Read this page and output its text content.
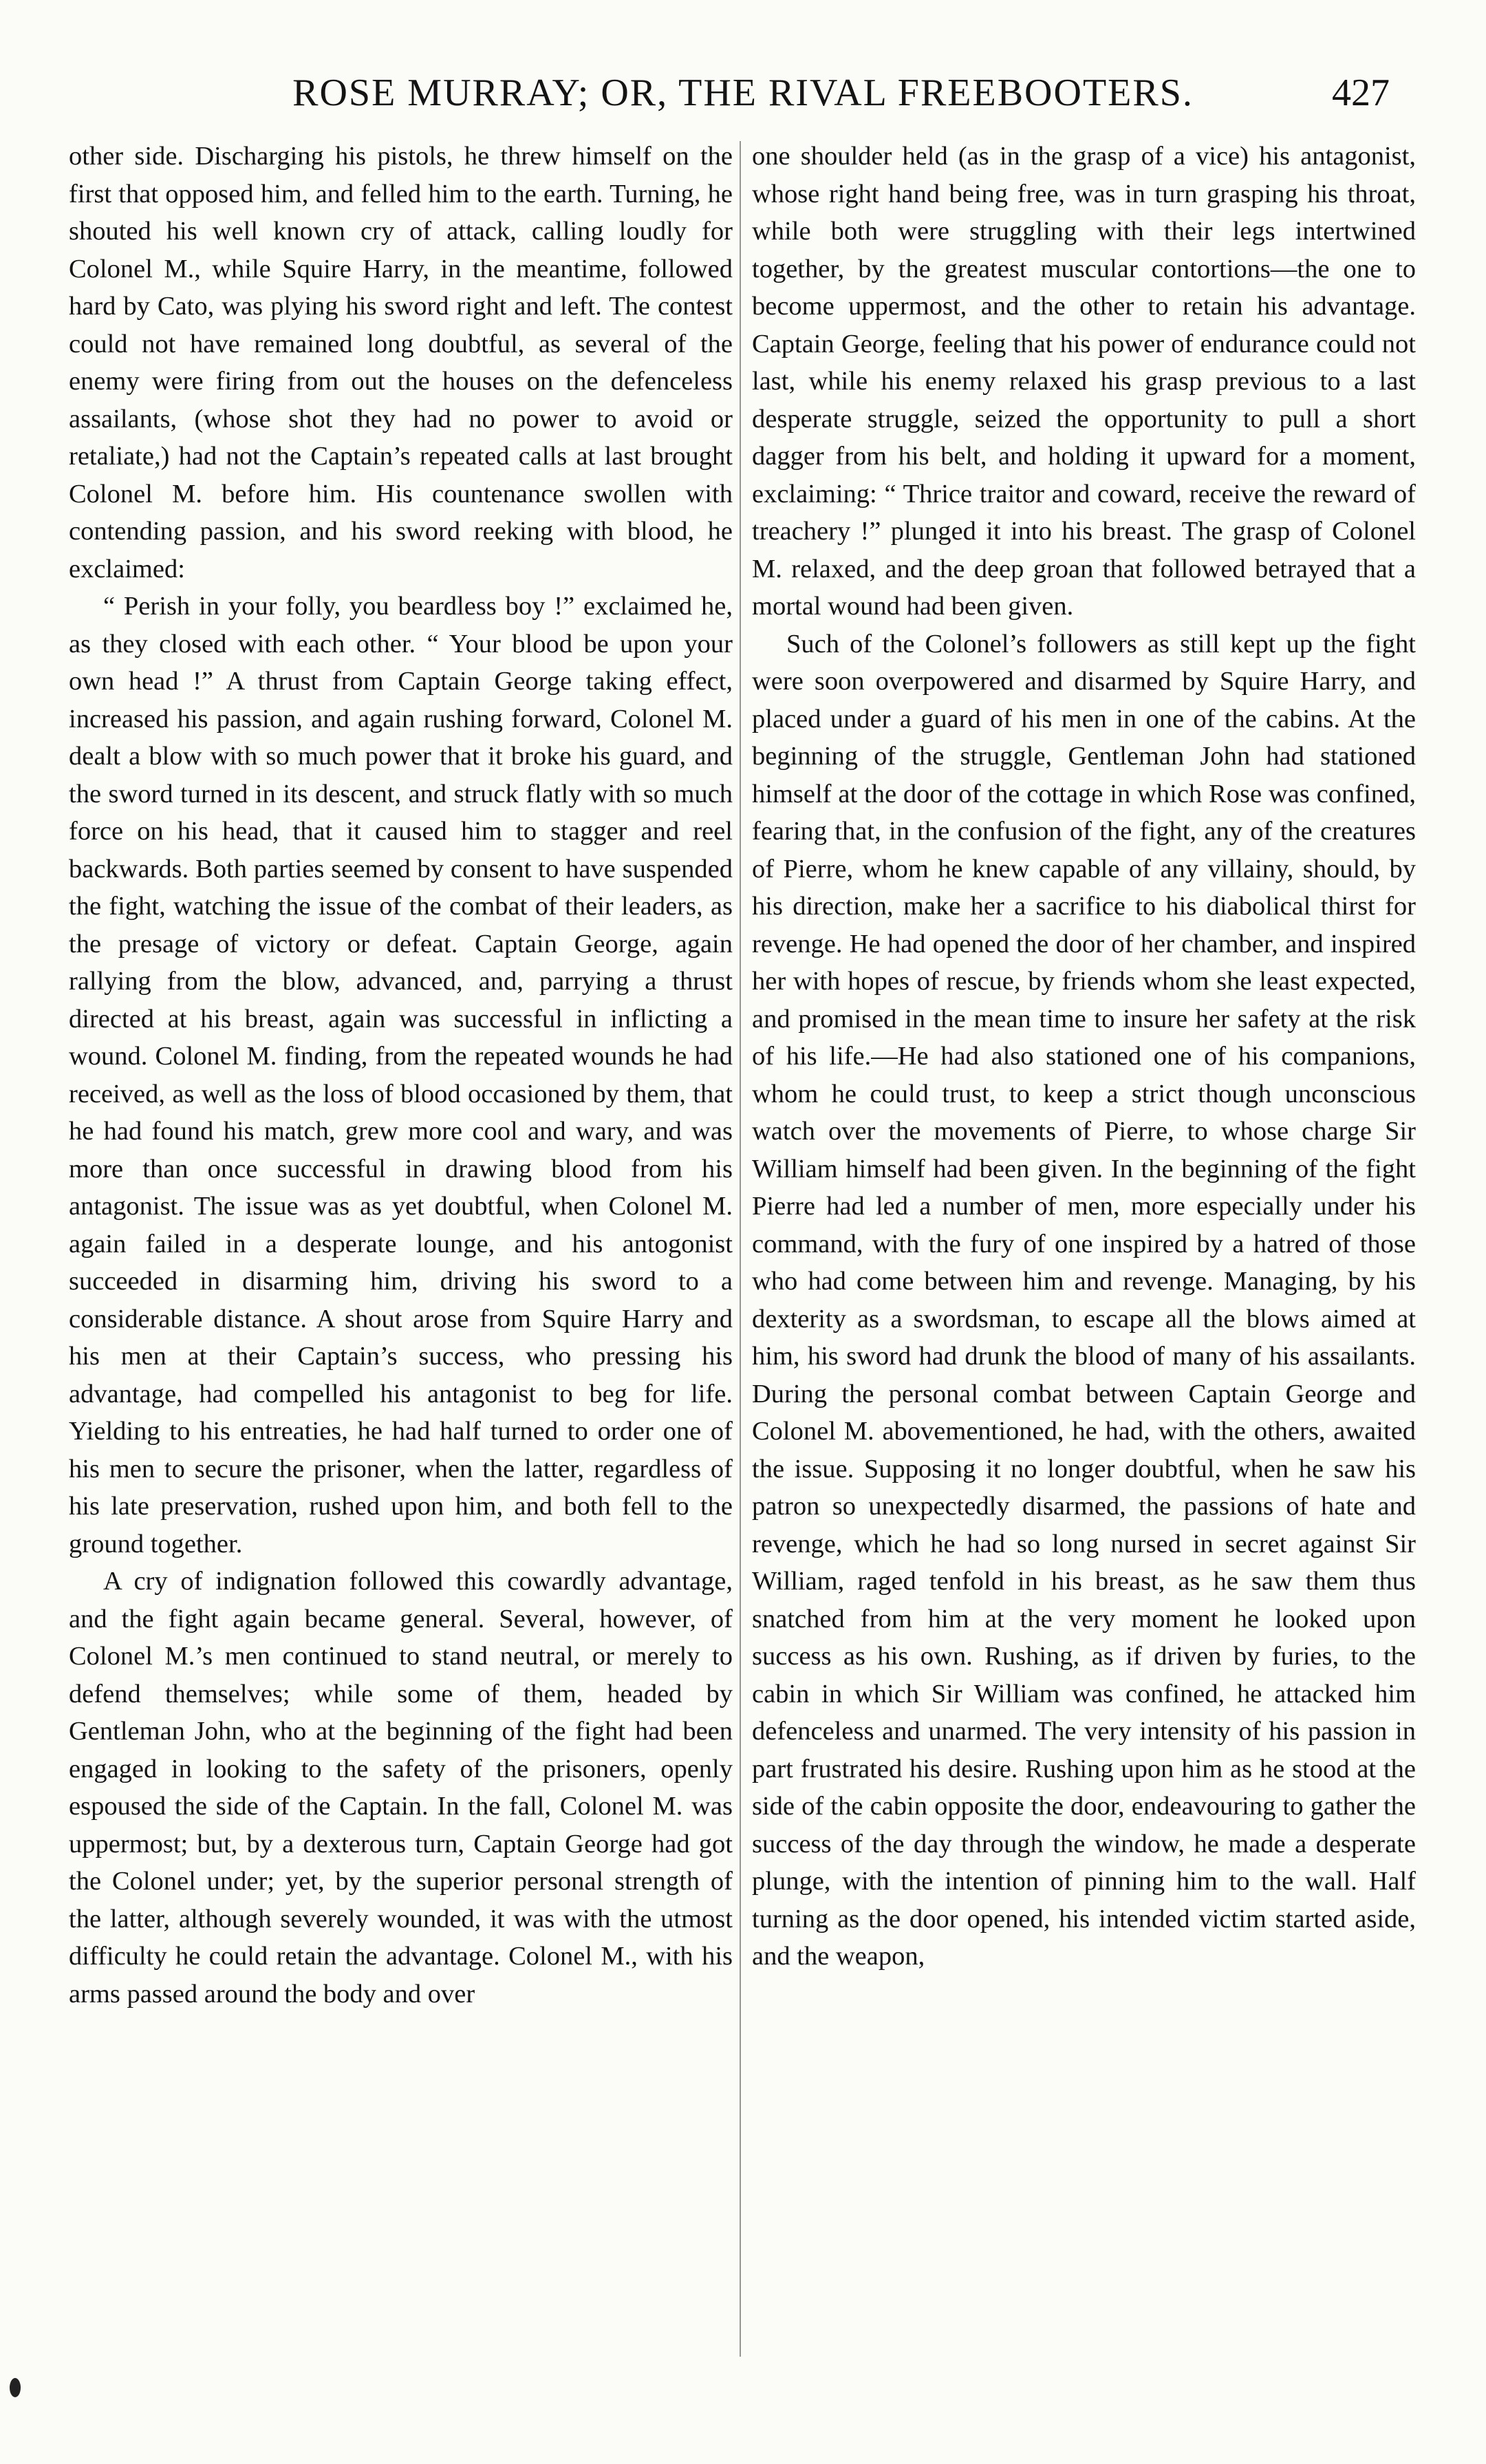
ROSE MURRAY; OR, THE RIVAL FREEBOOTERS.	427

other side. Discharging his pistols, he threw himself on the first that opposed him, and felled him to the earth. Turning, he shouted his well known cry of attack, calling loudly for Colonel M., while Squire Harry, in the meantime, followed hard by Cato, was plying his sword right and left. The contest could not have remained long doubtful, as several of the enemy were firing from out the houses on the defenceless assailants, (whose shot they had no power to avoid or retaliate,) had not the Captain’s repeated calls at last brought Colonel M. before him. His countenance swollen with contending passion, and his sword reeking with blood, he exclaimed:

“ Perish in your folly, you beardless boy !” exclaimed he, as they closed with each other. “ Your blood be upon your own head !” A thrust from Captain George taking effect, increased his passion, and again rushing forward, Colonel M. dealt a blow with so much power that it broke his guard, and the sword turned in its descent, and struck flatly with so much force on his head, that it caused him to stagger and reel backwards. Both parties seemed by consent to have suspended the fight, watching the issue of the combat of their leaders, as the presage of victory or defeat. Captain George, again rallying from the blow, advanced, and, parrying a thrust directed at his breast, again was successful in inflicting a wound. Colonel M. finding, from the repeated wounds he had received, as well as the loss of blood occasioned by them, that he had found his match, grew more cool and wary, and was more than once successful in drawing blood from his antagonist. The issue was as yet doubtful, when Colonel M. again failed in a desperate lounge, and his antogonist succeeded in disarming him, driving his sword to a considerable distance. A shout arose from Squire Harry and his men at their Captain’s success, who pressing his advantage, had compelled his antagonist to beg for life. Yielding to his entreaties, he had half turned to order one of his men to secure the prisoner, when the latter, regardless of his late preservation, rushed upon him, and both fell to the ground together.

A cry of indignation followed this cowardly advantage, and the fight again became general. Several, however, of Colonel M.’s men continued to stand neutral, or merely to defend themselves; while some of them, headed by Gentleman John, who at the beginning of the fight had been engaged in looking to the safety of the prisoners, openly espoused the side of the Captain. In the fall, Colonel M. was uppermost; but, by a dexterous turn, Captain George had got the Colonel under; yet, by the superior personal strength of the latter, although severely wounded, it was with the utmost difficulty he could retain the advantage. Colonel M., with his arms passed around the body and over

one shoulder held (as in the grasp of a vice) his antagonist, whose right hand being free, was in turn grasping his throat, while both were struggling with their legs intertwined together, by the greatest muscular contortions—the one to become uppermost, and the other to retain his advantage. Captain George, feeling that his power of endurance could not last, while his enemy relaxed his grasp previous to a last desperate struggle, seized the opportunity to pull a short dagger from his belt, and holding it upward for a moment, exclaiming: “ Thrice traitor and coward, receive the reward of treachery !” plunged it into his breast. The grasp of Colonel M. relaxed, and the deep groan that followed betrayed that a mortal wound had been given.

Such of the Colonel’s followers as still kept up the fight were soon overpowered and disarmed by Squire Harry, and placed under a guard of his men in one of the cabins. At the beginning of the struggle, Gentleman John had stationed himself at the door of the cottage in which Rose was confined, fearing that, in the confusion of the fight, any of the creatures of Pierre, whom he knew capable of any villainy, should, by his direction, make her a sacrifice to his diabolical thirst for revenge. He had opened the door of her chamber, and inspired her with hopes of rescue, by friends whom she least expected, and promised in the mean time to insure her safety at the risk of his life.—He had also stationed one of his companions, whom he could trust, to keep a strict though unconscious watch over the movements of Pierre, to whose charge Sir William himself had been given. In the beginning of the fight Pierre had led a number of men, more especially under his command, with the fury of one inspired by a hatred of those who had come between him and revenge. Managing, by his dexterity as a swordsman, to escape all the blows aimed at him, his sword had drunk the blood of many of his assailants. During the personal combat between Captain George and Colonel M. abovementioned, he had, with the others, awaited the issue. Supposing it no longer doubtful, when he saw his patron so unexpectedly disarmed, the passions of hate and revenge, which he had so long nursed in secret against Sir William, raged tenfold in his breast, as he saw them thus snatched from him at the very moment he looked upon success as his own. Rushing, as if driven by furies, to the cabin in which Sir William was confined, he attacked him defenceless and unarmed. The very intensity of his passion in part frustrated his desire. Rushing upon him as he stood at the side of the cabin opposite the door, endeavouring to gather the success of the day through the window, he made a desperate plunge, with the intention of pinning him to the wall. Half turning as the door opened, his intended victim started aside, and the weapon,
